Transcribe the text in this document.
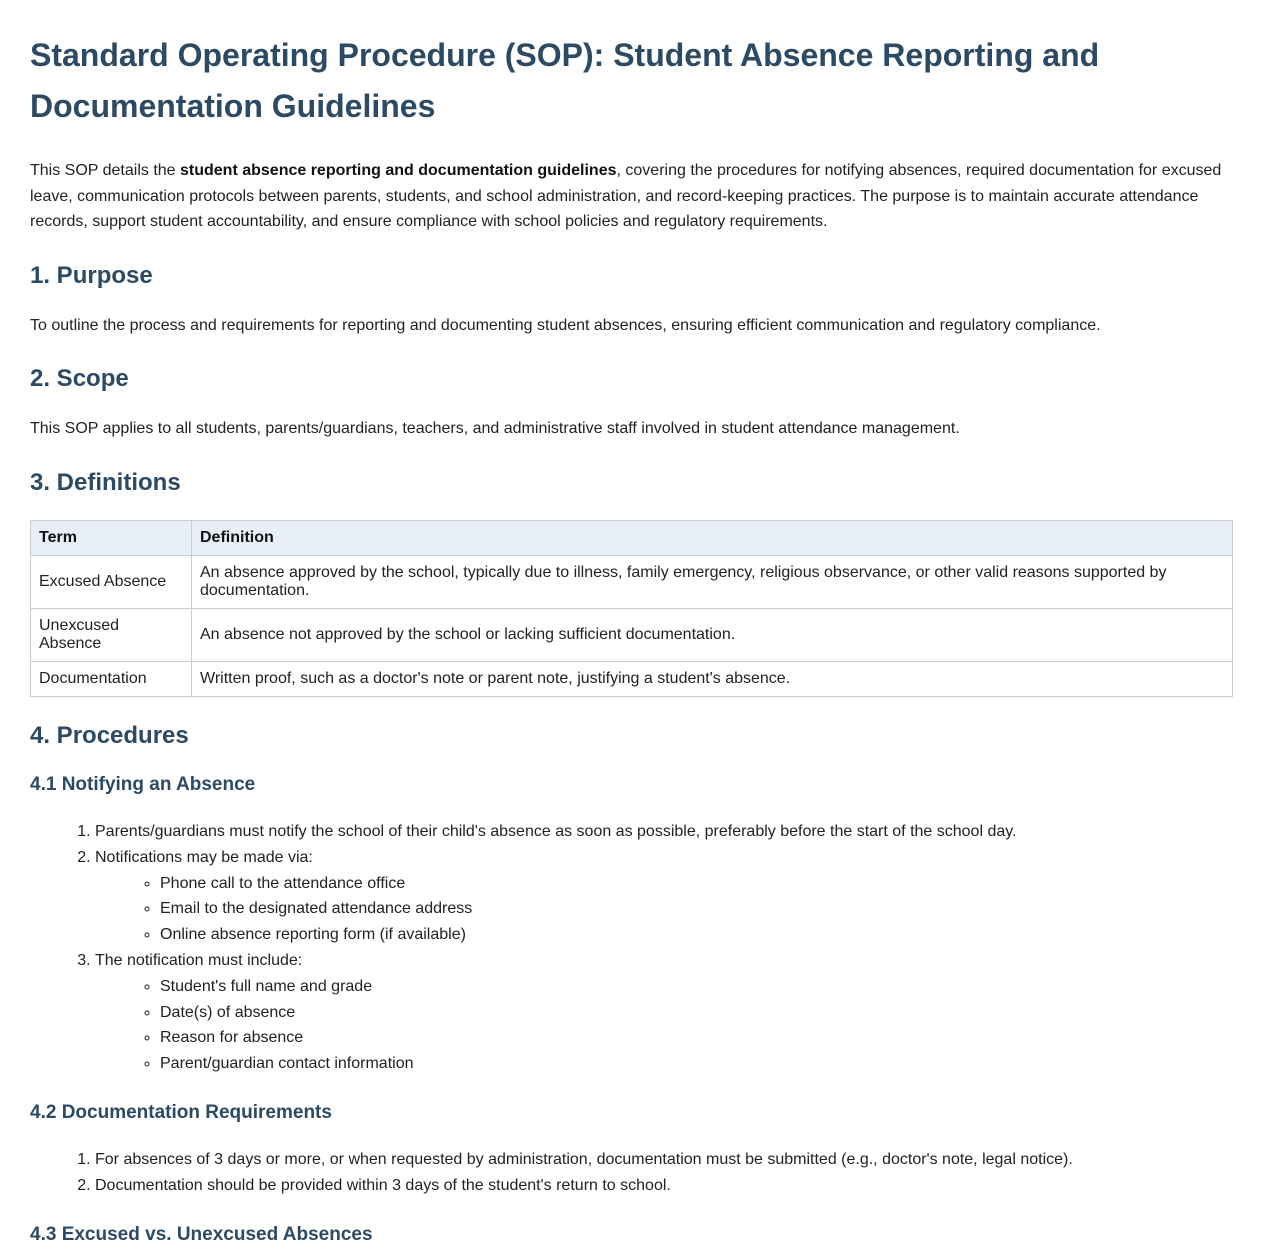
Standard Operating Procedure (SOP): Student Absence Reporting and Documentation Guidelines

This SOP details the student absence reporting and documentation guidelines, covering the procedures for notifying absences, required documentation for excused leave, communication protocols between parents, students, and school administration, and record-keeping practices. The purpose is to maintain accurate attendance records, support student accountability, and ensure compliance with school policies and regulatory requirements.

1. Purpose

To outline the process and requirements for reporting and documenting student absences, ensuring efficient communication and regulatory compliance.

2. Scope

This SOP applies to all students, parents/guardians, teachers, and administrative staff involved in student attendance management.

3. Definitions
Term	Definition
Excused Absence	An absence approved by the school, typically due to illness, family emergency, religious observance, or other valid reasons supported by documentation.
Unexcused Absence	An absence not approved by the school or lacking sufficient documentation.
Documentation	Written proof, such as a doctor's note or parent note, justifying a student's absence.
4. Procedures
4.1 Notifying an Absence
1. Parents/guardians must notify the school of their child's absence as soon as possible, preferably before the start of the school day.
2. Notifications may be made via:
◦ Phone call to the attendance office
◦ Email to the designated attendance address
◦ Online absence reporting form (if available)
3. The notification must include:
◦ Student's full name and grade
◦ Date(s) of absence
◦ Reason for absence
◦ Parent/guardian contact information
4.2 Documentation Requirements
1. For absences of 3 days or more, or when requested by administration, documentation must be submitted (e.g., doctor's note, legal notice).
2. Documentation should be provided within 3 days of the student's return to school.
4.3 Excused vs. Unexcused Absences
